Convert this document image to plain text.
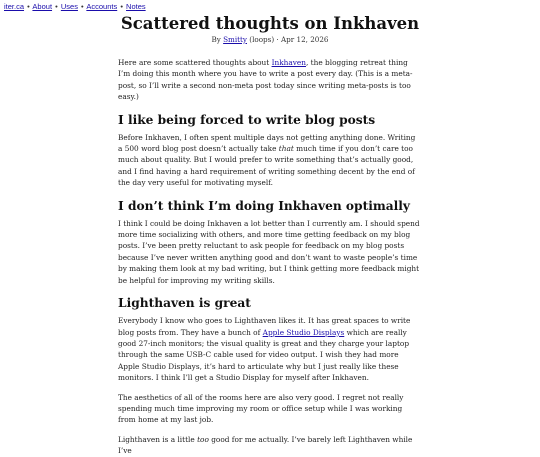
iter.ca • About • Uses • Accounts • Notes
Scattered thoughts on Inkhaven
By Smitty (loops) · Apr 12, 2026

Here are some scattered thoughts about Inkhaven, the blogging retreat thing I’m doing this month where you have to write a post every day. (This is a meta-post, so I’ll write a second non-meta post today since writing meta-posts is too easy.)

I like being forced to write blog posts

Before Inkhaven, I often spent multiple days not getting anything done. Writing a 500 word blog post doesn’t actually take that much time if you don’t care too much about quality. But I would prefer to write something that’s actually good, and I find having a hard requirement of writing something decent by the end of the day very useful for motivating myself.

I don’t think I’m doing Inkhaven optimally

I think I could be doing Inkhaven a lot better than I currently am. I should spend more time socializing with others, and more time getting feedback on my blog posts. I’ve been pretty reluctant to ask people for feedback on my blog posts because I’ve never written anything good and don’t want to waste people’s time by making them look at my bad writing, but I think getting more feedback might be helpful for improving my writing skills.

Lighthaven is great

Everybody I know who goes to Lighthaven likes it. It has great spaces to write blog posts from. They have a bunch of Apple Studio Displays which are really good 27-inch monitors; the visual quality is great and they charge your laptop through the same USB-C cable used for video output. I wish they had more Apple Studio Displays, it’s hard to articulate why but I just really like these monitors. I think I’ll get a Studio Display for myself after Inkhaven.

The aesthetics of all of the rooms here are also very good. I regret not really spending much time improving my room or office setup while I was working from home at my last job.

Lighthaven is a little too good for me actually. I’ve barely left Lighthaven while I’ve
